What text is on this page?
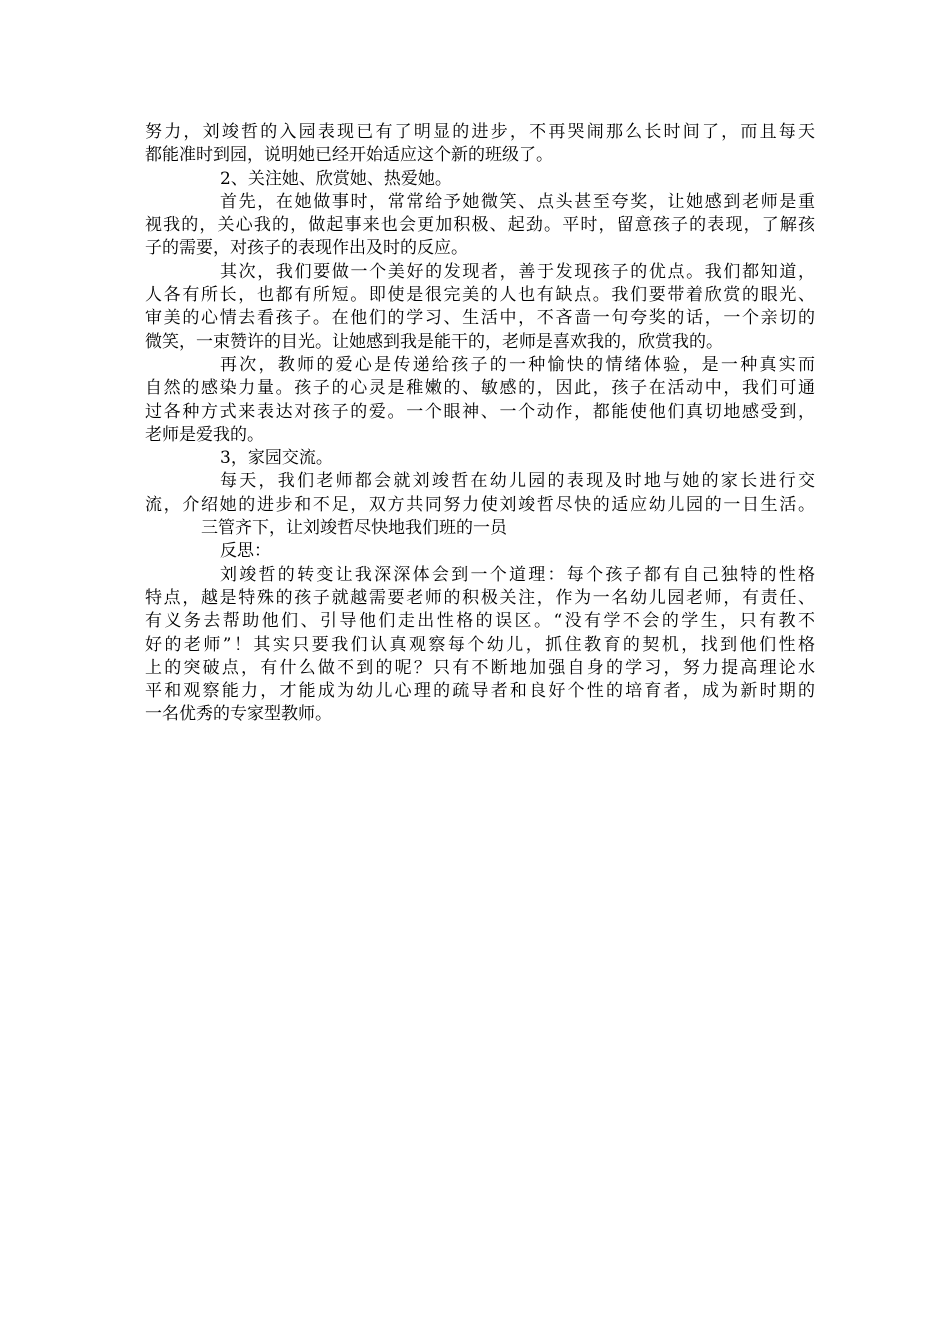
努力，刘竣哲的入园表现已有了明显的进步，不再哭闹那么长时间了，而且每天
都能准时到园，说明她已经开始适应这个新的班级了。
2、关注她、欣赏她、热爱她。
首先，在她做事时，常常给予她微笑、点头甚至夸奖，让她感到老师是重
视我的，关心我的，做起事来也会更加积极、起劲。平时，留意孩子的表现，了解孩
子的需要，对孩子的表现作出及时的反应。
其次，我们要做一个美好的发现者，善于发现孩子的优点。我们都知道，
人各有所长，也都有所短。即使是很完美的人也有缺点。我们要带着欣赏的眼光、
审美的心情去看孩子。在他们的学习、生活中，不吝啬一句夸奖的话，一个亲切的
微笑，一束赞许的目光。让她感到我是能干的，老师是喜欢我的，欣赏我的。
再次，教师的爱心是传递给孩子的一种愉快的情绪体验，是一种真实而
自然的感染力量。孩子的心灵是稚嫩的、敏感的，因此，孩子在活动中，我们可通
过各种方式来表达对孩子的爱。一个眼神、一个动作，都能使他们真切地感受到，
老师是爱我的。
3，家园交流。
每天，我们老师都会就刘竣哲在幼儿园的表现及时地与她的家长进行交
流，介绍她的进步和不足，双方共同努力使刘竣哲尽快的适应幼儿园的一日生活。
三管齐下，让刘竣哲尽快地我们班的一员
反思：
刘竣哲的转变让我深深体会到一个道理：每个孩子都有自己独特的性格
特点，越是特殊的孩子就越需要老师的积极关注，作为一名幼儿园老师，有责任、
有义务去帮助他们、引导他们走出性格的误区。“没有学不会的学生，只有教不
好的老师”！其实只要我们认真观察每个幼儿，抓住教育的契机，找到他们性格
上的突破点，有什么做不到的呢？只有不断地加强自身的学习，努力提高理论水
平和观察能力，才能成为幼儿心理的疏导者和良好个性的培育者，成为新时期的
一名优秀的专家型教师。
